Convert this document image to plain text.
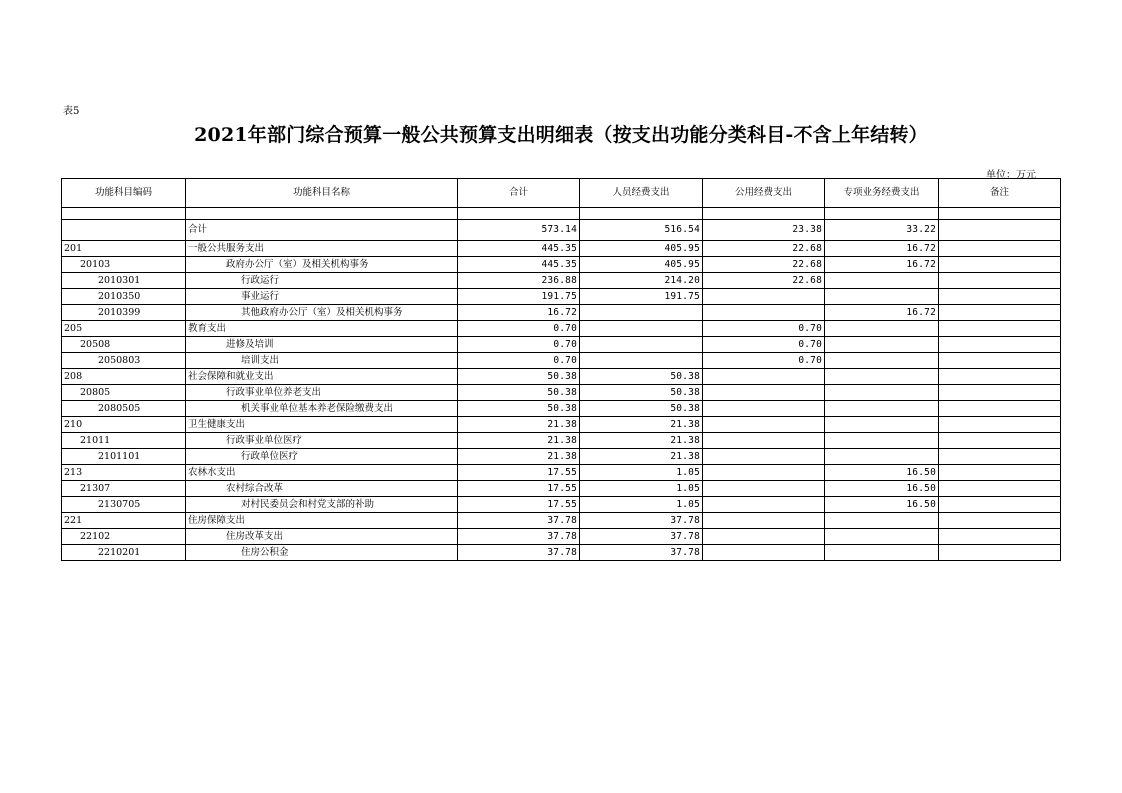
表5
2021年部门综合预算一般公共预算支出明细表（按支出功能分类科目-不含上年结转）
单位：万元
功能科目编码	功能科目名称	合计	人员经费支出	公用经费支出	专项业务经费支出	备注

	合计	573.14	516.54	23.38	33.22	
201	一般公共服务支出	445.35	405.95	22.68	16.72	
20103	政府办公厅（室）及相关机构事务	445.35	405.95	22.68	16.72	
2010301	行政运行	236.88	214.20	22.68		
2010350	事业运行	191.75	191.75			
2010399	其他政府办公厅（室）及相关机构事务	16.72			16.72	
205	教育支出	0.70		0.70		
20508	进修及培训	0.70		0.70		
2050803	培训支出	0.70		0.70		
208	社会保障和就业支出	50.38	50.38			
20805	行政事业单位养老支出	50.38	50.38			
2080505	机关事业单位基本养老保险缴费支出	50.38	50.38			
210	卫生健康支出	21.38	21.38			
21011	行政事业单位医疗	21.38	21.38			
2101101	行政单位医疗	21.38	21.38			
213	农林水支出	17.55	1.05		16.50	
21307	农村综合改革	17.55	1.05		16.50	
2130705	对村民委员会和村党支部的补助	17.55	1.05		16.50	
221	住房保障支出	37.78	37.78			
22102	住房改革支出	37.78	37.78			
2210201	住房公积金	37.78	37.78			
